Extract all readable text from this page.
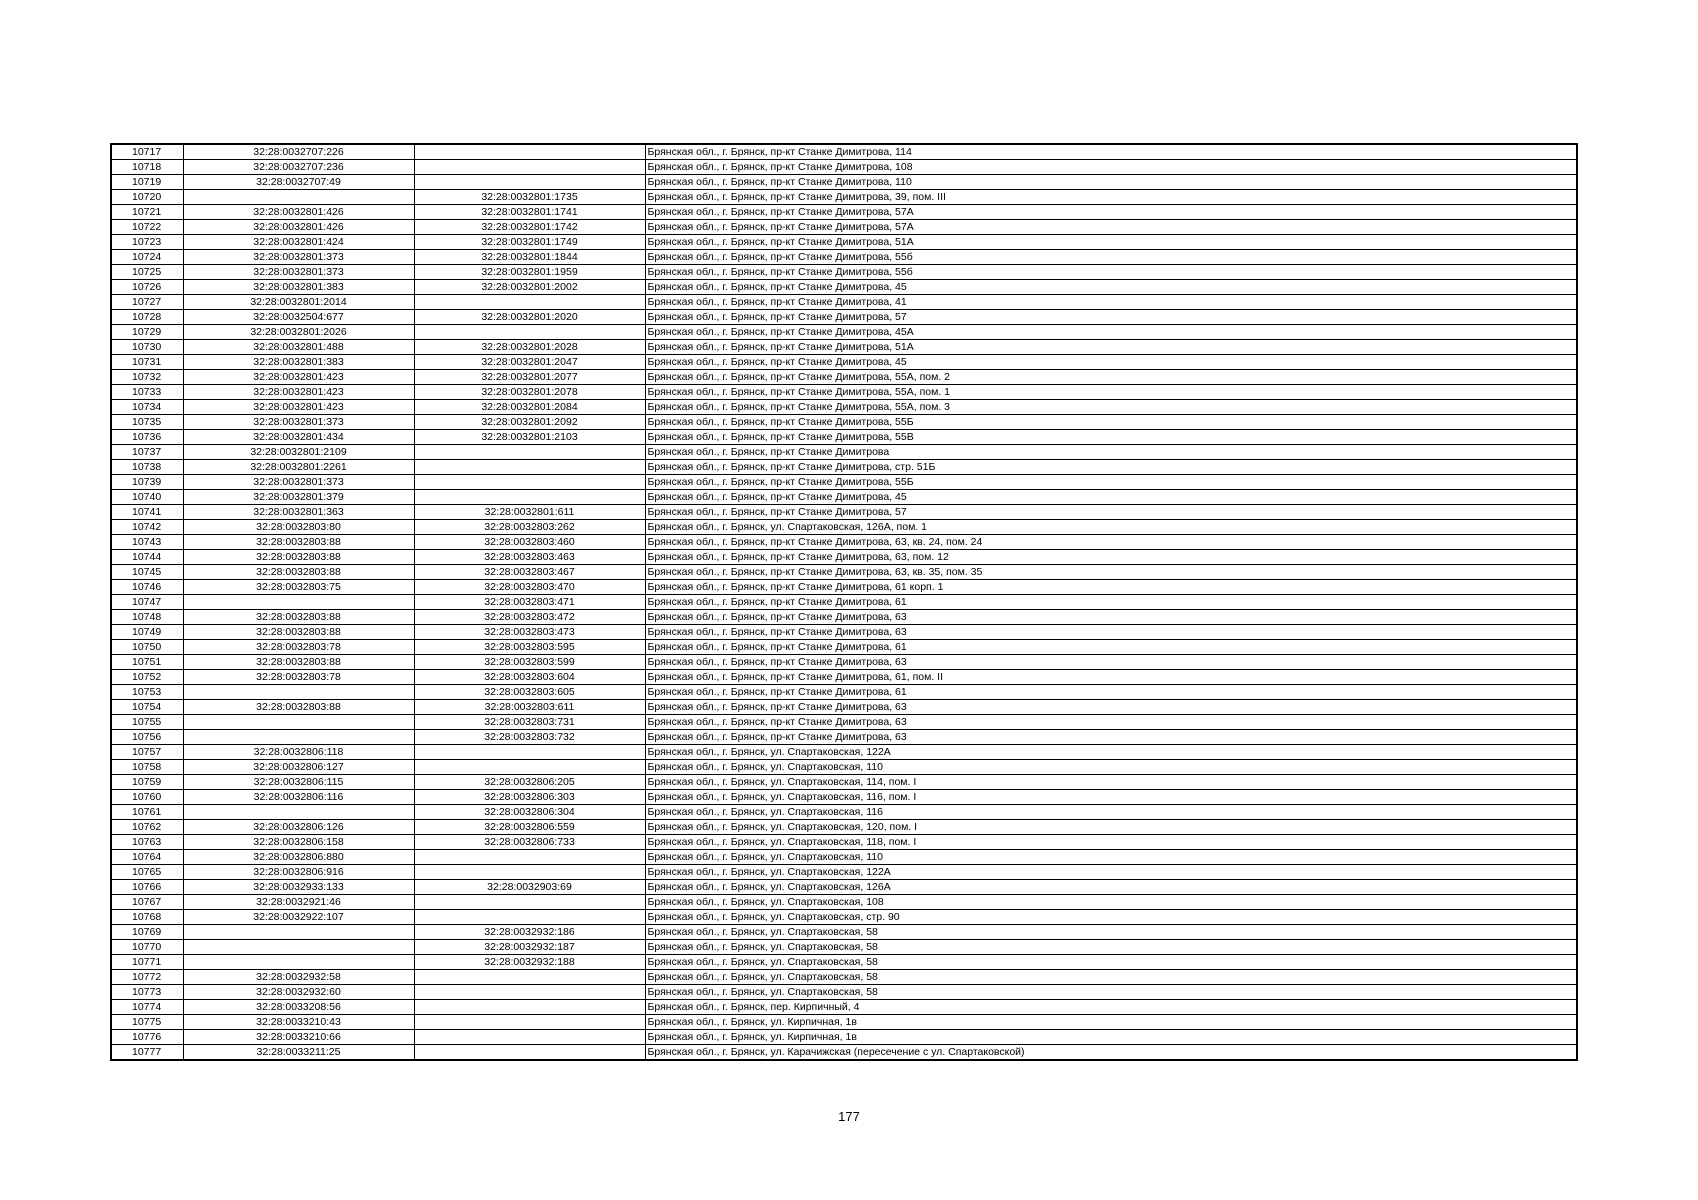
10717	32:28:0032707:226		Брянская обл., г. Брянск, пр-кт Станке Димитрова, 114
10718	32:28:0032707:236		Брянская обл., г. Брянск, пр-кт Станке Димитрова, 108
10719	32:28:0032707:49		Брянская обл., г. Брянск, пр-кт Станке Димитрова, 110
10720		32:28:0032801:1735	Брянская обл., г. Брянск, пр-кт Станке Димитрова, 39, пом. III
10721	32:28:0032801:426	32:28:0032801:1741	Брянская обл., г. Брянск, пр-кт Станке Димитрова, 57А
10722	32:28:0032801:426	32:28:0032801:1742	Брянская обл., г. Брянск, пр-кт Станке Димитрова, 57А
10723	32:28:0032801:424	32:28:0032801:1749	Брянская обл., г. Брянск, пр-кт Станке Димитрова, 51А
10724	32:28:0032801:373	32:28:0032801:1844	Брянская обл., г. Брянск, пр-кт Станке Димитрова, 55б
10725	32:28:0032801:373	32:28:0032801:1959	Брянская обл., г. Брянск, пр-кт Станке Димитрова, 55б
10726	32:28:0032801:383	32:28:0032801:2002	Брянская обл., г. Брянск, пр-кт Станке Димитрова, 45
10727	32:28:0032801:2014		Брянская обл., г. Брянск, пр-кт Станке Димитрова, 41
10728	32:28:0032504:677	32:28:0032801:2020	Брянская обл., г. Брянск, пр-кт Станке Димитрова, 57
10729	32:28:0032801:2026		Брянская обл., г. Брянск, пр-кт Станке Димитрова, 45А
10730	32:28:0032801:488	32:28:0032801:2028	Брянская обл., г. Брянск, пр-кт Станке Димитрова, 51А
10731	32:28:0032801:383	32:28:0032801:2047	Брянская обл., г. Брянск, пр-кт Станке Димитрова, 45
10732	32:28:0032801:423	32:28:0032801:2077	Брянская обл., г. Брянск, пр-кт Станке Димитрова, 55А, пом. 2
10733	32:28:0032801:423	32:28:0032801:2078	Брянская обл., г. Брянск, пр-кт Станке Димитрова, 55А, пом. 1
10734	32:28:0032801:423	32:28:0032801:2084	Брянская обл., г. Брянск, пр-кт Станке Димитрова, 55А, пом. 3
10735	32:28:0032801:373	32:28:0032801:2092	Брянская обл., г. Брянск, пр-кт Станке Димитрова, 55Б
10736	32:28:0032801:434	32:28:0032801:2103	Брянская обл., г. Брянск, пр-кт Станке Димитрова, 55В
10737	32:28:0032801:2109		Брянская обл., г. Брянск, пр-кт Станке Димитрова
10738	32:28:0032801:2261		Брянская обл., г. Брянск, пр-кт Станке Димитрова, стр. 51Б
10739	32:28:0032801:373		Брянская обл., г. Брянск, пр-кт Станке Димитрова, 55Б
10740	32:28:0032801:379		Брянская обл., г. Брянск, пр-кт Станке Димитрова, 45
10741	32:28:0032801:363	32:28:0032801:611	Брянская обл., г. Брянск, пр-кт Станке Димитрова, 57
10742	32:28:0032803:80	32:28:0032803:262	Брянская обл., г. Брянск, ул. Спартаковская, 126А, пом. 1
10743	32:28:0032803:88	32:28:0032803:460	Брянская обл., г. Брянск, пр-кт Станке Димитрова, 63, кв. 24, пом. 24
10744	32:28:0032803:88	32:28:0032803:463	Брянская обл., г. Брянск, пр-кт Станке Димитрова, 63, пом. 12
10745	32:28:0032803:88	32:28:0032803:467	Брянская обл., г. Брянск, пр-кт Станке Димитрова, 63, кв. 35, пом. 35
10746	32:28:0032803:75	32:28:0032803:470	Брянская обл., г. Брянск, пр-кт Станке Димитрова, 61 корп. 1
10747		32:28:0032803:471	Брянская обл., г. Брянск, пр-кт Станке Димитрова, 61
10748	32:28:0032803:88	32:28:0032803:472	Брянская обл., г. Брянск, пр-кт Станке Димитрова, 63
10749	32:28:0032803:88	32:28:0032803:473	Брянская обл., г. Брянск, пр-кт Станке Димитрова, 63
10750	32:28:0032803:78	32:28:0032803:595	Брянская обл., г. Брянск, пр-кт Станке Димитрова, 61
10751	32:28:0032803:88	32:28:0032803:599	Брянская обл., г. Брянск, пр-кт Станке Димитрова, 63
10752	32:28:0032803:78	32:28:0032803:604	Брянская обл., г. Брянск, пр-кт Станке Димитрова, 61, пом. II
10753		32:28:0032803:605	Брянская обл., г. Брянск, пр-кт Станке Димитрова, 61
10754	32:28:0032803:88	32:28:0032803:611	Брянская обл., г. Брянск, пр-кт Станке Димитрова, 63
10755		32:28:0032803:731	Брянская обл., г. Брянск, пр-кт Станке Димитрова, 63
10756		32:28:0032803:732	Брянская обл., г. Брянск, пр-кт Станке Димитрова, 63
10757	32:28:0032806:118		Брянская обл., г. Брянск, ул. Спартаковская, 122А
10758	32:28:0032806:127		Брянская обл., г. Брянск, ул. Спартаковская, 110
10759	32:28:0032806:115	32:28:0032806:205	Брянская обл., г. Брянск, ул. Спартаковская, 114, пом. I
10760	32:28:0032806:116	32:28:0032806:303	Брянская обл., г. Брянск, ул. Спартаковская, 116, пом. I
10761		32:28:0032806:304	Брянская обл., г. Брянск, ул. Спартаковская, 116
10762	32:28:0032806:126	32:28:0032806:559	Брянская обл., г. Брянск, ул. Спартаковская, 120, пом. I
10763	32:28:0032806:158	32:28:0032806:733	Брянская обл., г. Брянск, ул. Спартаковская, 118, пом. I
10764	32:28:0032806:880		Брянская обл., г. Брянск, ул. Спартаковская, 110
10765	32:28:0032806:916		Брянская обл., г. Брянск, ул. Спартаковская, 122А
10766	32:28:0032933:133	32:28:0032903:69	Брянская обл., г. Брянск, ул. Спартаковская, 126А
10767	32:28:0032921:46		Брянская обл., г. Брянск, ул. Спартаковская, 108
10768	32:28:0032922:107		Брянская обл., г. Брянск, ул. Спартаковская, стр. 90
10769		32:28:0032932:186	Брянская обл., г. Брянск, ул. Спартаковская, 58
10770		32:28:0032932:187	Брянская обл., г. Брянск, ул. Спартаковская, 58
10771		32:28:0032932:188	Брянская обл., г. Брянск, ул. Спартаковская, 58
10772	32:28:0032932:58		Брянская обл., г. Брянск, ул. Спартаковская, 58
10773	32:28:0032932:60		Брянская обл., г. Брянск, ул. Спартаковская, 58
10774	32:28:0033208:56		Брянская обл., г. Брянск, пер. Кирпичный, 4
10775	32:28:0033210:43		Брянская обл., г. Брянск, ул. Кирпичная, 1в
10776	32:28:0033210:66		Брянская обл., г. Брянск, ул. Кирпичная, 1в
10777	32:28:0033211:25		Брянская обл., г. Брянск, ул. Карачижская (пересечение с ул. Спартаковской)
177
